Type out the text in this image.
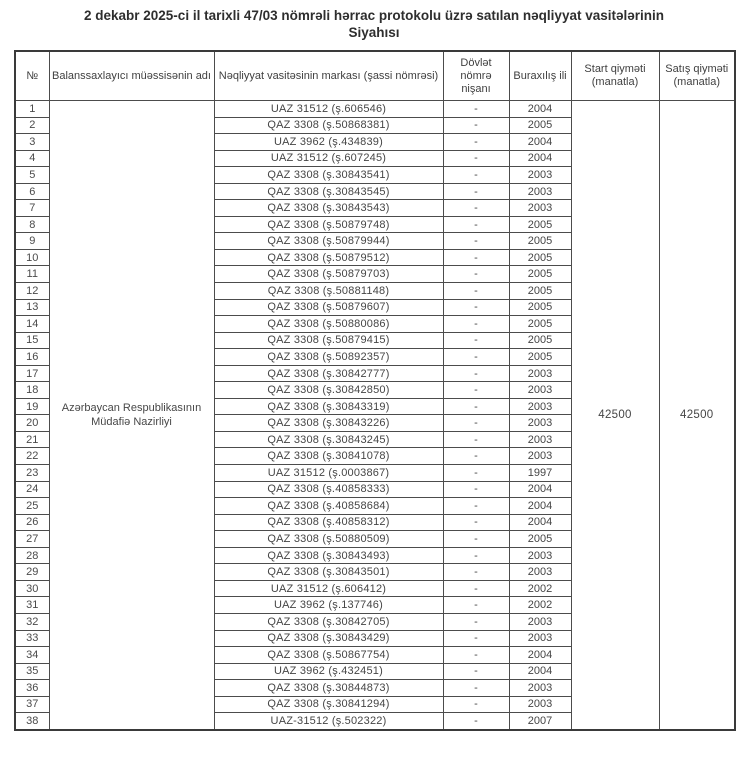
2 dekabr 2025-ci il tarixli 47/03 nömrəli hərrac protokolu üzrə satılan nəqliyyat vasitələrinin
Siyahısı
№	Balanssaxlayıcı müəssisənin adı	Nəqliyyat vasitəsinin markası (şassi nömrəsi)	Dövlət nömrə nişanı	Buraxılış ili	Start qiyməti (manatla)	Satış qiyməti (manatla)
1	Azərbaycan Respublikasının Müdafiə Nazirliyi	UAZ 31512 (ş.606546)	-	2004	42500	42500
2		QAZ 3308 (ş.50868381)	-	2005		
3		UAZ 3962 (ş.434839)	-	2004		
4		UAZ 31512 (ş.607245)	-	2004		
5		QAZ 3308 (ş.30843541)	-	2003		
6		QAZ 3308 (ş.30843545)	-	2003		
7		QAZ 3308 (ş.30843543)	-	2003		
8		QAZ 3308 (ş.50879748)	-	2005		
9		QAZ 3308 (ş.50879944)	-	2005		
10		QAZ 3308 (ş.50879512)	-	2005		
11		QAZ 3308 (ş.50879703)	-	2005		
12		QAZ 3308 (ş.50881148)	-	2005		
13		QAZ 3308 (ş.50879607)	-	2005		
14		QAZ 3308 (ş.50880086)	-	2005		
15		QAZ 3308 (ş.50879415)	-	2005		
16		QAZ 3308 (ş.50892357)	-	2005		
17		QAZ 3308 (ş.30842777)	-	2003		
18		QAZ 3308 (ş.30842850)	-	2003		
19		QAZ 3308 (ş.30843319)	-	2003		
20		QAZ 3308 (ş.30843226)	-	2003		
21		QAZ 3308 (ş.30843245)	-	2003		
22		QAZ 3308 (ş.30841078)	-	2003		
23		UAZ 31512 (ş.0003867)	-	1997		
24		QAZ 3308 (ş.40858333)	-	2004		
25		QAZ 3308 (ş.40858684)	-	2004		
26		QAZ 3308 (ş.40858312)	-	2004		
27		QAZ 3308 (ş.50880509)	-	2005		
28		QAZ 3308 (ş.30843493)	-	2003		
29		QAZ 3308 (ş.30843501)	-	2003		
30		UAZ 31512 (ş.606412)	-	2002		
31		UAZ 3962 (ş.137746)	-	2002		
32		QAZ 3308 (ş.30842705)	-	2003		
33		QAZ 3308 (ş.30843429)	-	2003		
34		QAZ 3308 (ş.50867754)	-	2004		
35		UAZ 3962 (ş.432451)	-	2004		
36		QAZ 3308 (ş.30844873)	-	2003		
37		QAZ 3308 (ş.30841294)	-	2003		
38		UAZ-31512 (ş.502322)	-	2007		
